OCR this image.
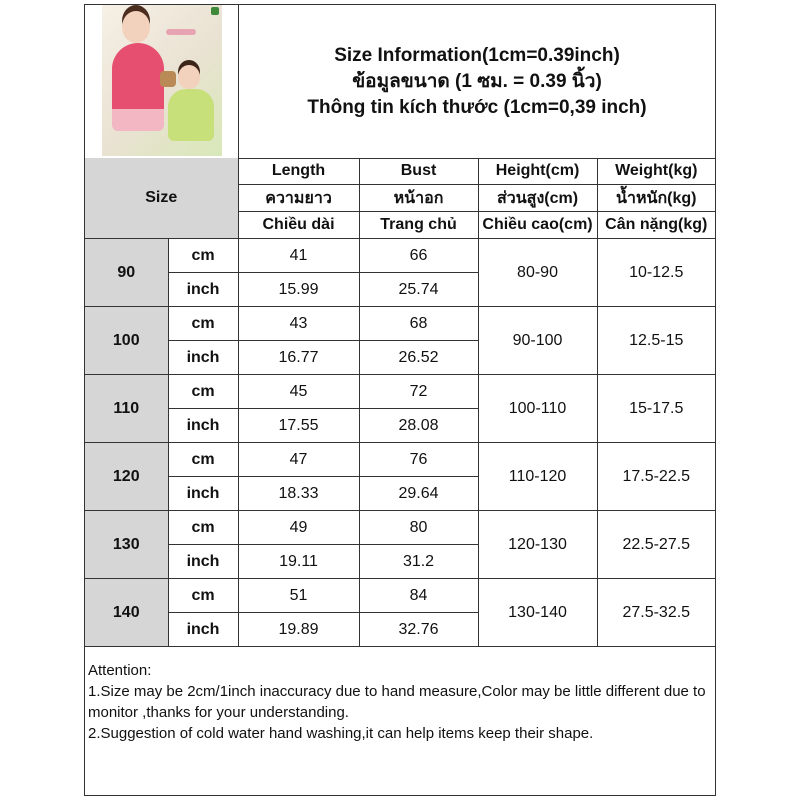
Size Information(1cm=0.39inch)
ข้อมูลขนาด (1 ซม. = 0.39 นิ้ว)
Thông tin kích thước (1cm=0,39 inch)
Size		Length	Bust	Height(cm)	Weight(kg)
		ความยาว	หน้าอก	ส่วนสูง(cm)	น้ำหนัก(kg)
		Chiều dài	Trang chủ	Chiều cao(cm)	Cân nặng(kg)
90	cm	41	66	80-90	10-12.5
	inch	15.99	25.74		
100	cm	43	68	90-100	12.5-15
	inch	16.77	26.52		
110	cm	45	72	100-110	15-17.5
	inch	17.55	28.08		
120	cm	47	76	110-120	17.5-22.5
	inch	18.33	29.64		
130	cm	49	80	120-130	22.5-27.5
	inch	19.11	31.2		
140	cm	51	84	130-140	27.5-32.5
	inch	19.89	32.76		
Attention:
1.Size may be 2cm/1inch inaccuracy due to hand measure,Color may be little different due to monitor ,thanks for your understanding.
2.Suggestion of cold water hand washing,it can help items keep their shape.
